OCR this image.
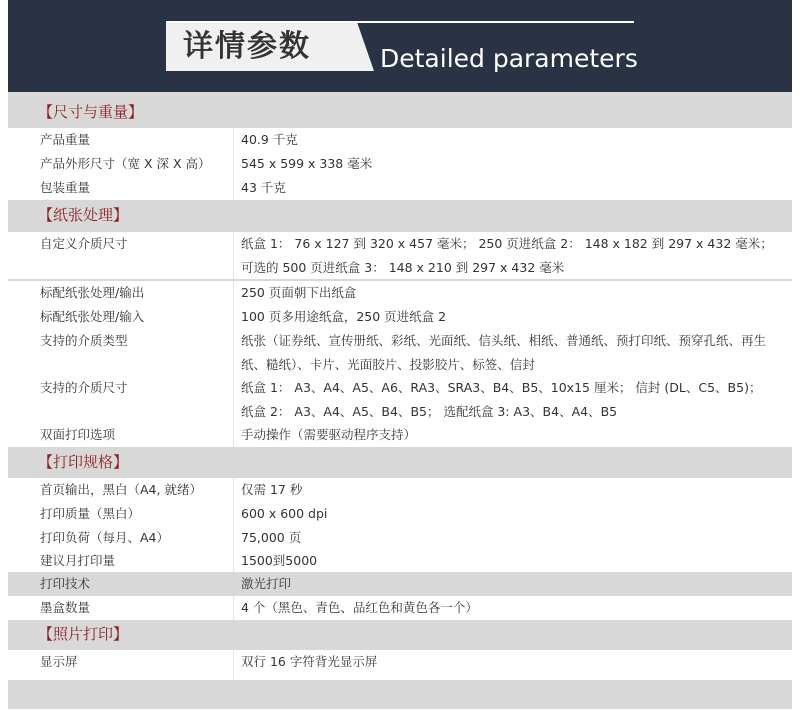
详情参数	Detailed parameters
【尺寸与重量】
产品重量	40.9 千克
产品外形尺寸（宽 X 深 X 高） 545 x 599 x 338 毫米
包装重量	43 千克
【纸张处理】
自定义介质尺寸	纸盒 1： 76 x 127 到 320 x 457 毫米； 250 页进纸盒 2： 148 x 182 到 297 x 432 毫米； 可选的 500 页进纸盒 3： 148 x 210 到 297 x 432 毫米
标配纸张处理/输出	250 页面朝下出纸盒
标配纸张处理/输入	100 页多用途纸盒，250 页进纸盒 2
支持的介质类型	纸张（证券纸、宣传册纸、彩纸、光面纸、信头纸、相纸、普通纸、预打印纸、预穿孔纸、再生纸、糙纸）、卡片、光面胶片、投影胶片、标签、信封
支持的介质尺寸	纸盒 1： A3、A4、A5、A6、RA3、SRA3、B4、B5、10x15 厘米； 信封 (DL、C5、B5)； 纸盒 2： A3、A4、A5、B4、B5； 选配纸盒 3: A3、B4、A4、B5
双面打印选项	手动操作（需要驱动程序支持）
【打印规格】
首页输出，黑白（A4, 就绪）	仅需 17 秒
打印质量（黑白）	600 x 600 dpi
打印负荷（每月、A4）	75,000 页
建议月打印量	1500到5000
打印技术	激光打印
墨盒数量	4 个（黑色、青色、品红色和黄色各一个）
【照片打印】
显示屏	双行 16 字符背光显示屏
